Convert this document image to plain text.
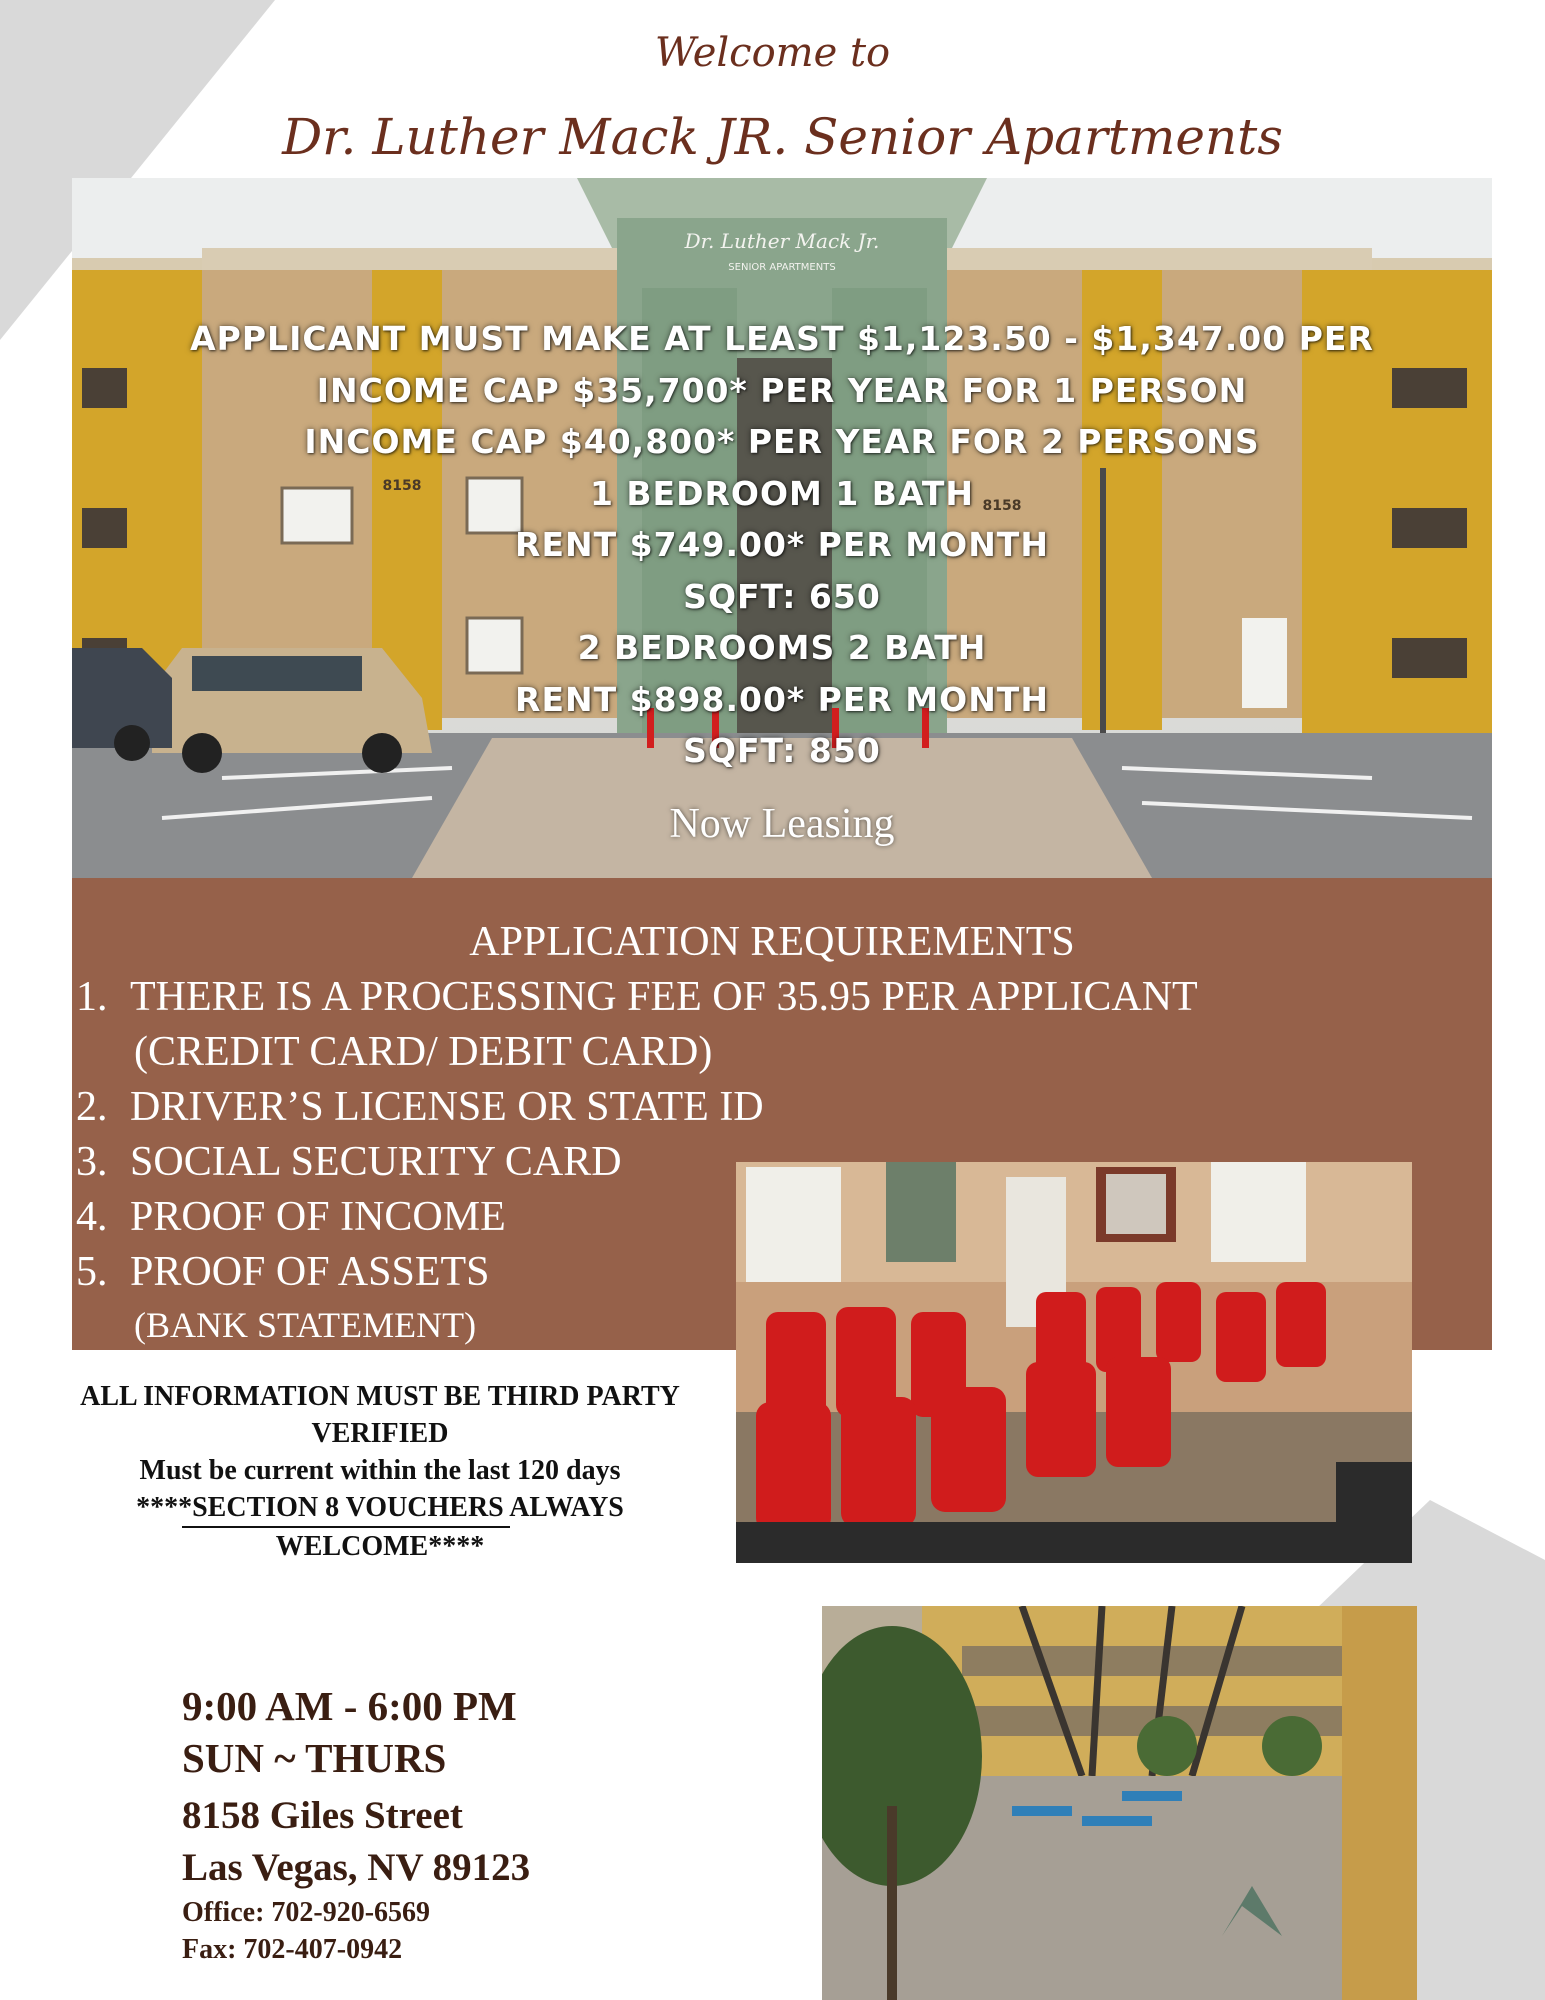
Welcome to
Dr. Luther Mack JR. Senior Apartments
Dr. Luther Mack Jr.
SENIOR APARTMENTS
8158
8158
APPLICANT MUST MAKE AT LEAST $1,123.50 - $1,347.00 PER
INCOME CAP $35,700* PER YEAR FOR 1 PERSON
INCOME CAP $40,800* PER YEAR FOR 2 PERSONS
1 BEDROOM 1 BATH
RENT $749.00* PER MONTH
SQFT: 650
2 BEDROOMS 2 BATH
RENT $898.00* PER MONTH
SQFT: 850
Now Leasing
APPLICATION REQUIREMENTS
1. THERE IS A PROCESSING FEE OF 35.95 PER APPLICANT
(CREDIT CARD/ DEBIT CARD)
2. DRIVER’S LICENSE OR STATE ID
3. SOCIAL SECURITY CARD
4. PROOF OF INCOME
5. PROOF OF ASSETS
(BANK STATEMENT)
ALL INFORMATION MUST BE THIRD PARTY
VERIFIED
Must be current within the last 120 days
****SECTION 8 VOUCHERS ALWAYS
WELCOME****
9:00 AM - 6:00 PM
SUN ~ THURS
8158 Giles Street
Las Vegas, NV 89123
Office: 702-920-6569
Fax: 702-407-0942
